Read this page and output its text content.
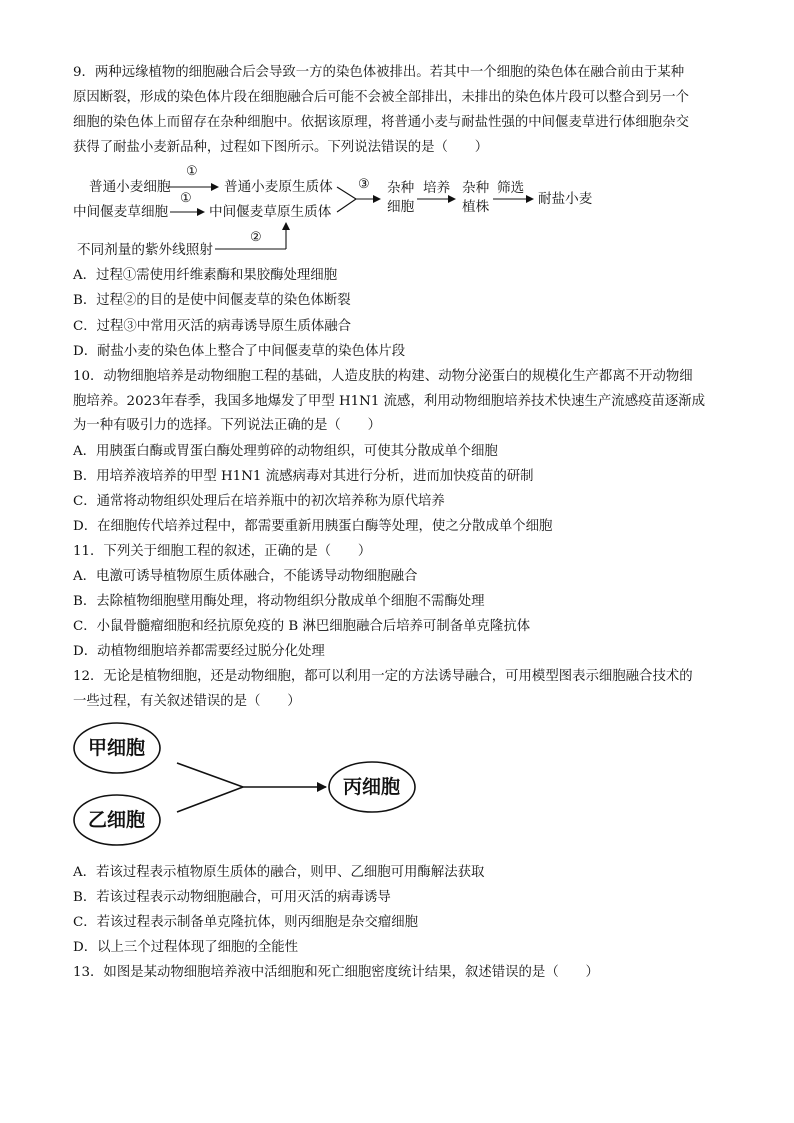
9．两种远缘植物的细胞融合后会导致一方的染色体被排出。若其中一个细胞的染色体在融合前由于某种
原因断裂，形成的染色体片段在细胞融合后可能不会被全部排出，未排出的染色体片段可以整合到另一个
细胞的染色体上而留存在杂种细胞中。依据该原理，将普通小麦与耐盐性强的中间偃麦草进行体细胞杂交
获得了耐盐小麦新品种，过程如下图所示。下列说法错误的是（　　）
普通小麦细胞
中间偃麦草细胞
①
①
普通小麦原生质体
中间偃麦草原生质体
③ 杂种
细胞
培养 杂种
植株
筛选
耐盐小麦
②
不同剂量的紫外线照射
A．过程①需使用纤维素酶和果胶酶处理细胞
B．过程②的目的是使中间偃麦草的染色体断裂
C．过程③中常用灭活的病毒诱导原生质体融合
D．耐盐小麦的染色体上整合了中间偃麦草的染色体片段
10．动物细胞培养是动物细胞工程的基础，人造皮肤的构建、动物分泌蛋白的规模化生产都离不开动物细
胞培养。2023年春季，我国多地爆发了甲型 H1N1 流感，利用动物细胞培养技术快速生产流感疫苗逐渐成
为一种有吸引力的选择。下列说法正确的是（　　）
A．用胰蛋白酶或胃蛋白酶处理剪碎的动物组织，可使其分散成单个细胞
B．用培养液培养的甲型 H1N1 流感病毒对其进行分析，进而加快疫苗的研制
C．通常将动物组织处理后在培养瓶中的初次培养称为原代培养
D．在细胞传代培养过程中，都需要重新用胰蛋白酶等处理，使之分散成单个细胞
11．下列关于细胞工程的叙述，正确的是（　　）
A．电激可诱导植物原生质体融合，不能诱导动物细胞融合
B．去除植物细胞壁用酶处理，将动物组织分散成单个细胞不需酶处理
C．小鼠骨髓瘤细胞和经抗原免疫的 B 淋巴细胞融合后培养可制备单克隆抗体
D．动植物细胞培养都需要经过脱分化处理
12．无论是植物细胞，还是动物细胞，都可以利用一定的方法诱导融合，可用模型图表示细胞融合技术的
一些过程，有关叙述错误的是（　　）
甲细胞
乙细胞
丙细胞
A．若该过程表示植物原生质体的融合，则甲、乙细胞可用酶解法获取
B．若该过程表示动物细胞融合，可用灭活的病毒诱导
C．若该过程表示制备单克隆抗体，则丙细胞是杂交瘤细胞
D．以上三个过程体现了细胞的全能性
13．如图是某动物细胞培养液中活细胞和死亡细胞密度统计结果，叙述错误的是（　　）
